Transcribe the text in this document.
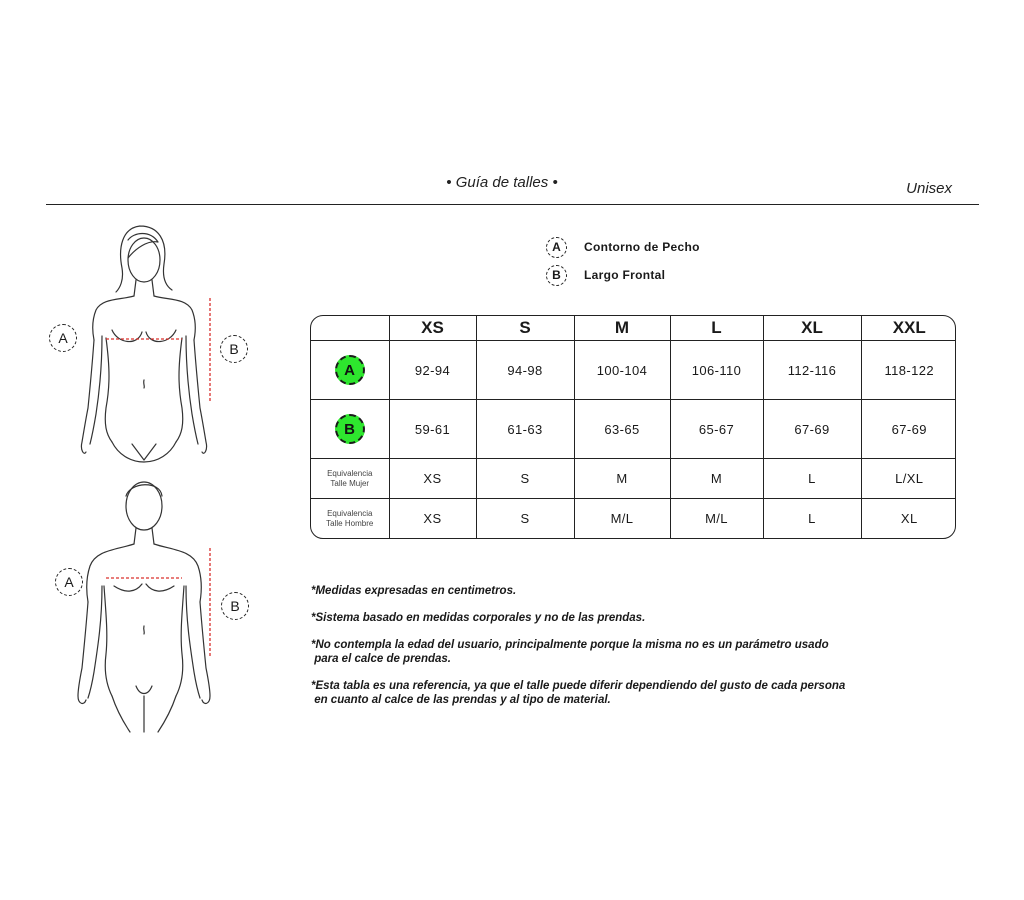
• Guía de talles •	Unisex
A
B
A
B
A	Contorno de Pecho
B	Largo Frontal
	XS	S	M	L	XL	XXL
A	92-94	94-98	100-104	106-110	112-116	118-122
B	59-61	61-63	63-65	65-67	67-69	67-69

Equivalencia
Talle Mujer	XS	S	M	M	L	L/XL

Equivalencia
Talle Hombre	XS	S	M/L	M/L	L	XL
*Medidas expresadas en centimetros.
*Sistema basado en medidas corporales y no de las prendas.
*No contempla la edad del usuario, principalmente porque la misma no es un parámetro usado
para el calce de prendas.
*Esta tabla es una referencia, ya que el talle puede diferir dependiendo del gusto de cada persona
en cuanto al calce de las prendas y al tipo de material.
